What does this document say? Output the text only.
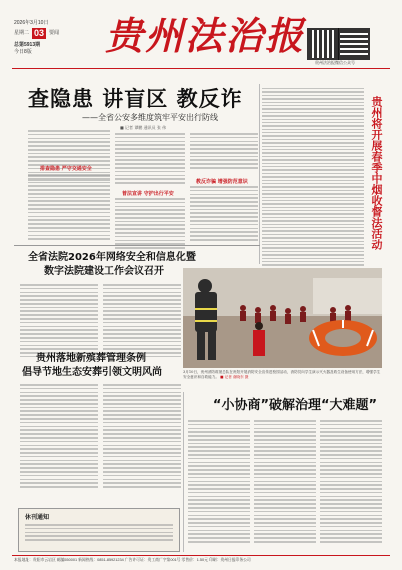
2026年3月10日
星期二 03	要闻
总第5913期
今日8版	贵州法治报
贵州法治报微信公众号
查隐患 讲盲区 教反诈
——全省公安多维度筑牢平安出行防线
■ 记者 谭鹏 通讯员 张 伟
排查隐患 严守交通安全
普法宣讲 守护出行平安
教反诈骗 增强防范意识	贵州将开展春季中烟收督法活动
全省法院2026年网络安全和信息化暨
数字法院建设工作会议召开
3月10日，贵州消防救援总队在贵阳开展消防安全宣传进校园活动，消防员向学生演示灭火器及救生设备使用方法，增强学生安全意识和自救能力。 ■ 记者 谢晓东 摄
贵州落地新殡葬管理条例
倡导节地生态安葬引领文明风尚
“小协商”破解治理“大难题”
休刊通知
本报地址：贵阳市云岩区 邮编550001 新闻热线：0851-85921234 广告许可证：贵工商广字第001号 零售价：1.50元 印刷：贵州日报印务公司
